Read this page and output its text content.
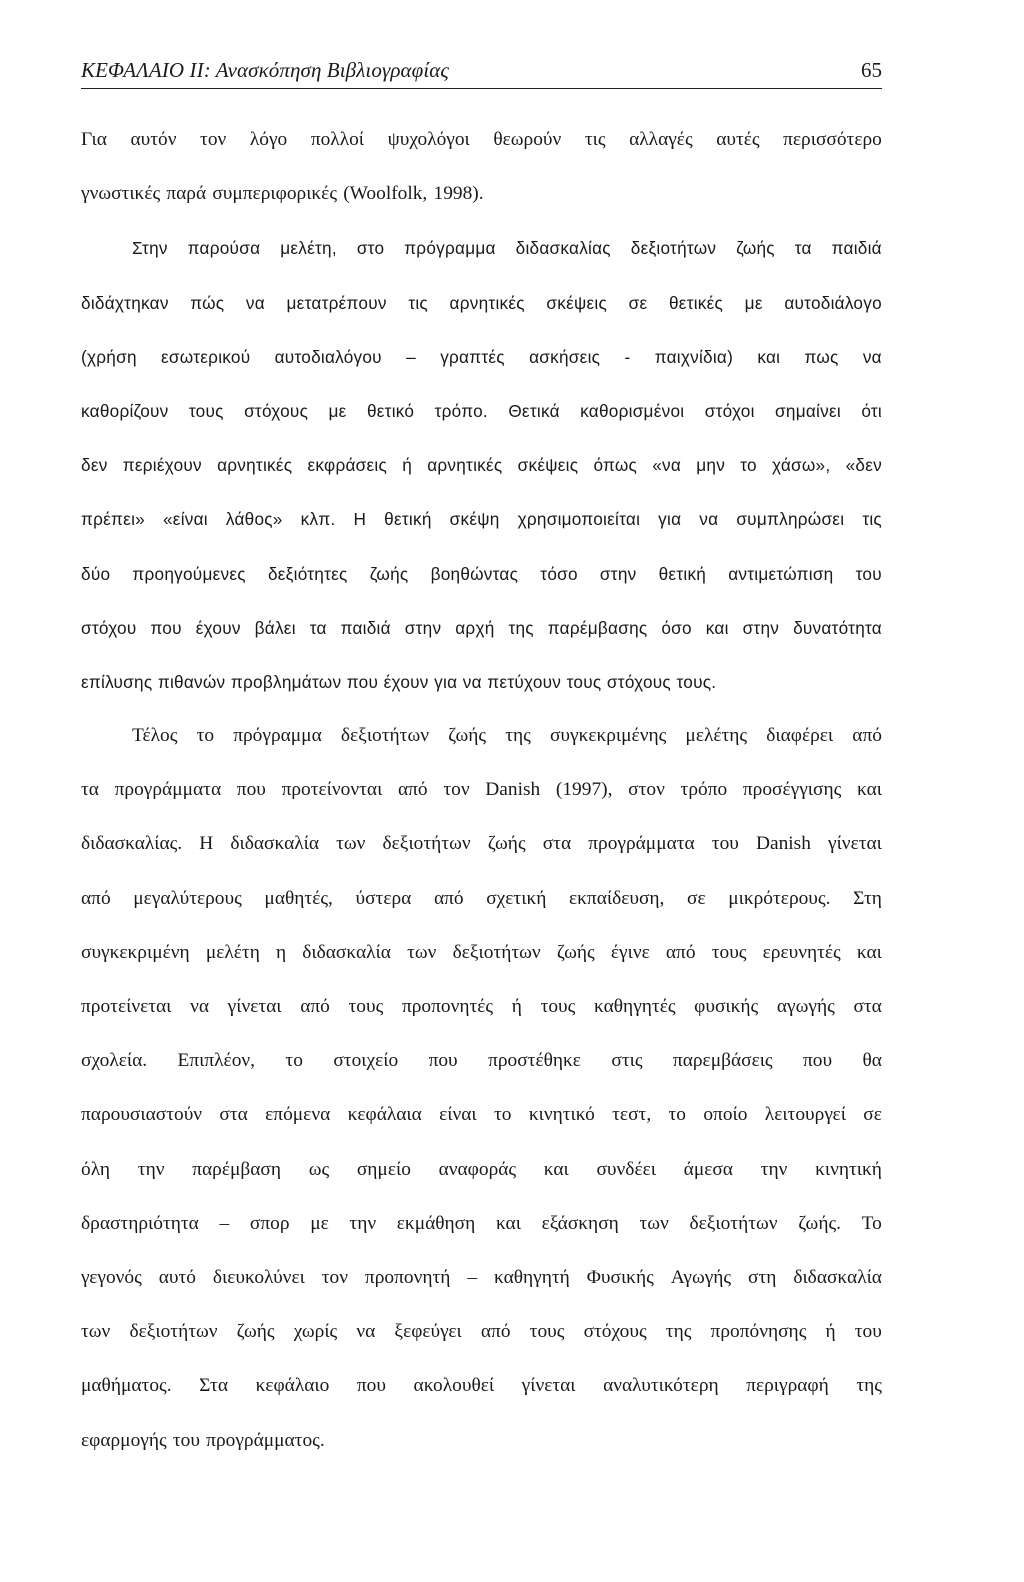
ΚΕΦΑΛΑΙΟ ΙΙ: Ανασκόπηση Βιβλιογραφίας	65
Για αυτόν τον λόγο πολλοί ψυχολόγοι θεωρούν τις αλλαγές αυτές περισσότερο
γνωστικές παρά συμπεριφορικές (Woolfolk, 1998).
Στην παρούσα μελέτη, στο πρόγραμμα διδασκαλίας δεξιοτήτων ζωής τα παιδιά
διδάχτηκαν πώς να μετατρέπουν τις αρνητικές σκέψεις σε θετικές με αυτοδιάλογο
(χρήση εσωτερικού αυτοδιαλόγου – γραπτές ασκήσεις - παιχνίδια) και πως να
καθορίζουν τους στόχους με θετικό τρόπο. Θετικά καθορισμένοι στόχοι σημαίνει ότι
δεν περιέχουν αρνητικές εκφράσεις ή αρνητικές σκέψεις όπως «να μην το χάσω», «δεν
πρέπει» «είναι λάθος» κλπ. Η θετική σκέψη χρησιμοποιείται για να συμπληρώσει τις
δύο προηγούμενες δεξιότητες ζωής βοηθώντας τόσο στην θετική αντιμετώπιση του
στόχου που έχουν βάλει τα παιδιά στην αρχή της παρέμβασης όσο και στην δυνατότητα
επίλυσης πιθανών προβλημάτων που έχουν για να πετύχουν τους στόχους τους.
Τέλος το πρόγραμμα δεξιοτήτων ζωής της συγκεκριμένης μελέτης διαφέρει από
τα προγράμματα που προτείνονται από τον Danish (1997), στον τρόπο προσέγγισης και
διδασκαλίας. Η διδασκαλία των δεξιοτήτων ζωής στα προγράμματα του Danish γίνεται
από μεγαλύτερους μαθητές, ύστερα από σχετική εκπαίδευση, σε μικρότερους. Στη
συγκεκριμένη μελέτη η διδασκαλία των δεξιοτήτων ζωής έγινε από τους ερευνητές και
προτείνεται να γίνεται από τους προπονητές ή τους καθηγητές φυσικής αγωγής στα
σχολεία. Επιπλέον, το στοιχείο που προστέθηκε στις παρεμβάσεις που θα
παρουσιαστούν στα επόμενα κεφάλαια είναι το κινητικό τεστ, το οποίο λειτουργεί σε
όλη την παρέμβαση ως σημείο αναφοράς και συνδέει άμεσα την κινητική
δραστηριότητα – σπορ με την εκμάθηση και εξάσκηση των δεξιοτήτων ζωής. Το
γεγονός αυτό διευκολύνει τον προπονητή – καθηγητή Φυσικής Αγωγής στη διδασκαλία
των δεξιοτήτων ζωής χωρίς να ξεφεύγει από τους στόχους της προπόνησης ή του
μαθήματος. Στα κεφάλαιο που ακολουθεί γίνεται αναλυτικότερη περιγραφή της
εφαρμογής του προγράμματος.
